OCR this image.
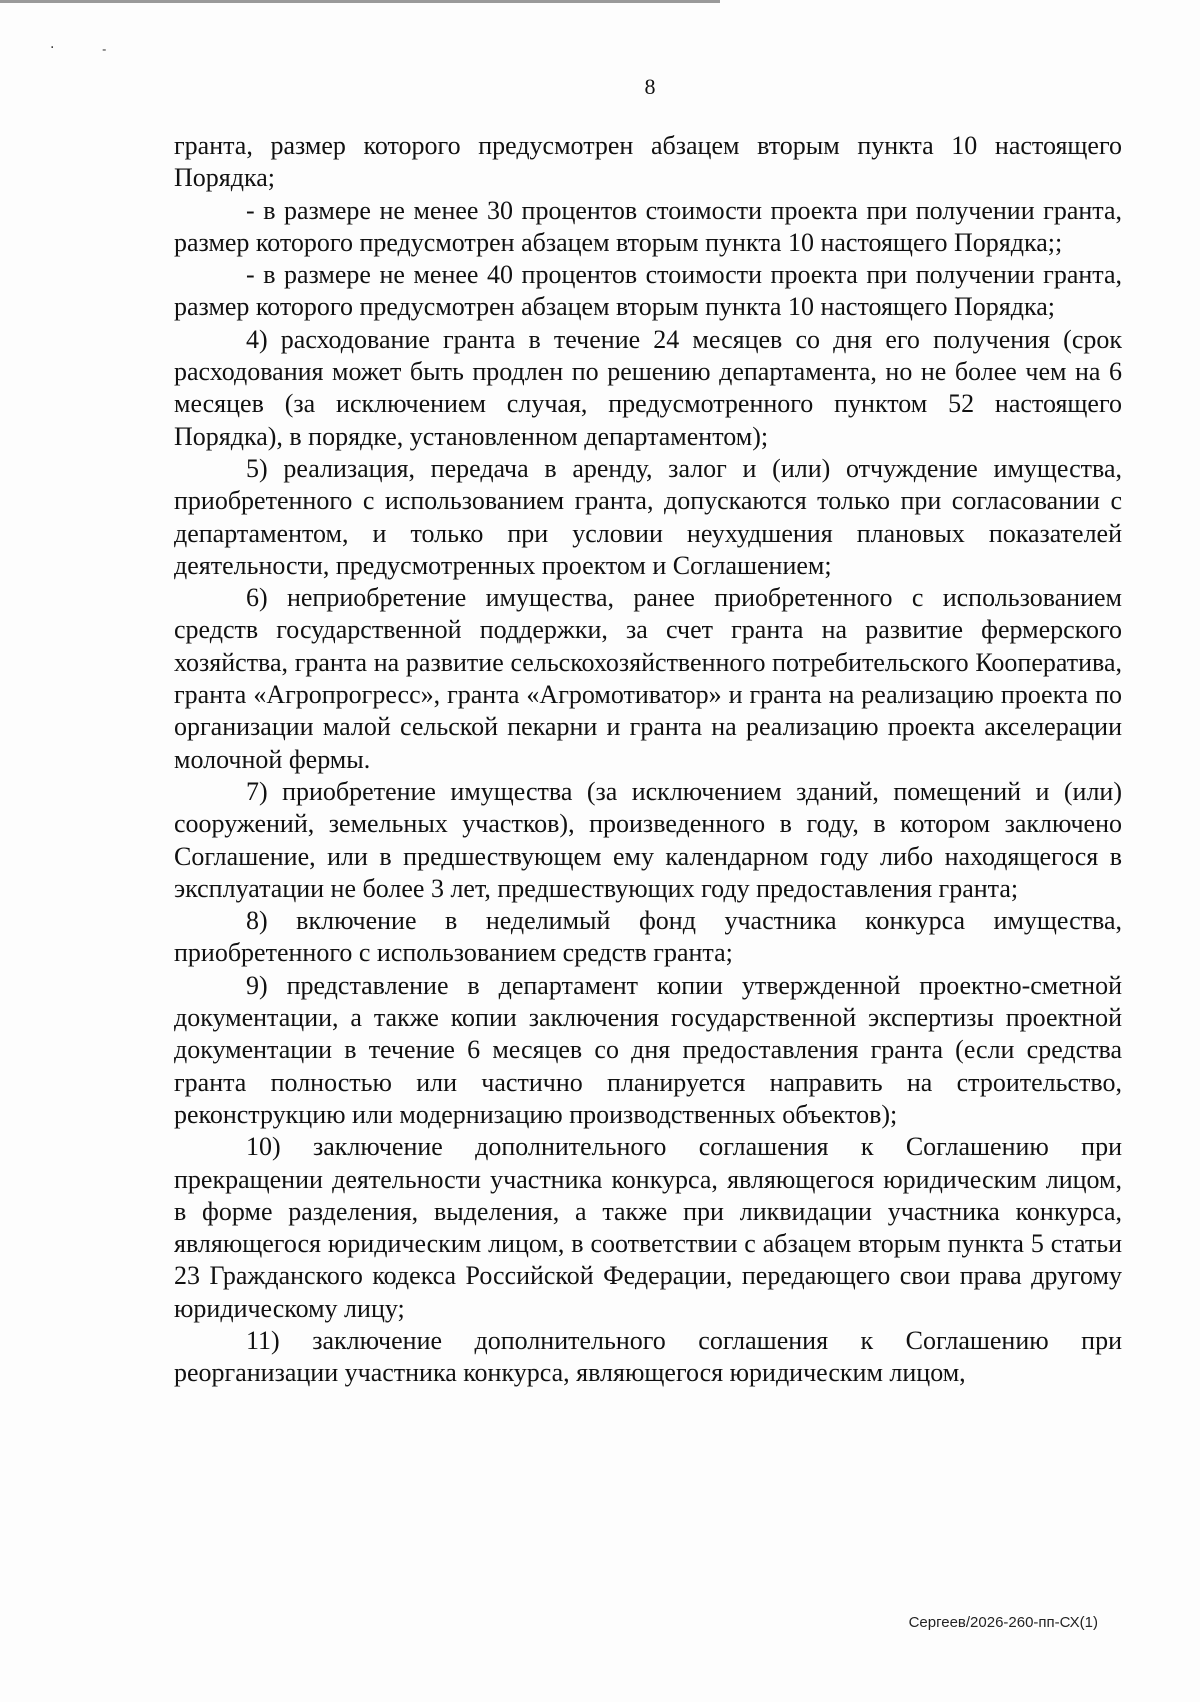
·	˗
8

гранта, размер которого предусмотрен абзацем вторым пункта 10 настоящего Порядка;

- в размере не менее 30 процентов стоимости проекта при получении гранта, размер которого предусмотрен абзацем вторым пункта 10 настоящего Порядка;;

- в размере не менее 40 процентов стоимости проекта при получении гранта, размер которого предусмотрен абзацем вторым пункта 10 настоящего Порядка;

4) расходование гранта в течение 24 месяцев со дня его получения (срок расходования может быть продлен по решению департамента, но не более чем на 6 месяцев (за исключением случая, предусмотренного пунктом 52 настоящего Порядка), в порядке, установленном департаментом);

5) реализация, передача в аренду, залог и (или) отчуждение имущества, приобретенного с использованием гранта, допускаются только при согласовании с департаментом, и только при условии неухудшения плановых показателей деятельности, предусмотренных проектом и Соглашением;

6) неприобретение имущества, ранее приобретенного с использованием средств государственной поддержки, за счет гранта на развитие фермерского хозяйства, гранта на развитие сельскохозяйственного потребительского Кооператива, гранта «Агропрогресс», гранта «Агромотиватор» и гранта на реализацию проекта по организации малой сельской пекарни и гранта на реализацию проекта акселерации молочной фермы.

7) приобретение имущества (за исключением зданий, помещений и (или) сооружений, земельных участков), произведенного в году, в котором заключено Соглашение, или в предшествующем ему календарном году либо находящегося в эксплуатации не более 3 лет, предшествующих году предоставления гранта;

8) включение в неделимый фонд участника конкурса имущества, приобретенного с использованием средств гранта;

9) представление в департамент копии утвержденной проектно-сметной документации, а также копии заключения государственной экспертизы проектной документации в течение 6 месяцев со дня предоставления гранта (если средства гранта полностью или частично планируется направить на строительство, реконструкцию или модернизацию производственных объектов);

10) заключение дополнительного соглашения к Соглашению при прекращении деятельности участника конкурса, являющегося юридическим лицом, в форме разделения, выделения, а также при ликвидации участника конкурса, являющегося юридическим лицом, в соответствии с абзацем вторым пункта 5 статьи 23 Гражданского кодекса Российской Федерации, передающего свои права другому юридическому лицу;

11) заключение дополнительного соглашения к Соглашению при реорганизации участника конкурса, являющегося юридическим лицом,

Сергеев/2026-260-пп-СХ(1)
